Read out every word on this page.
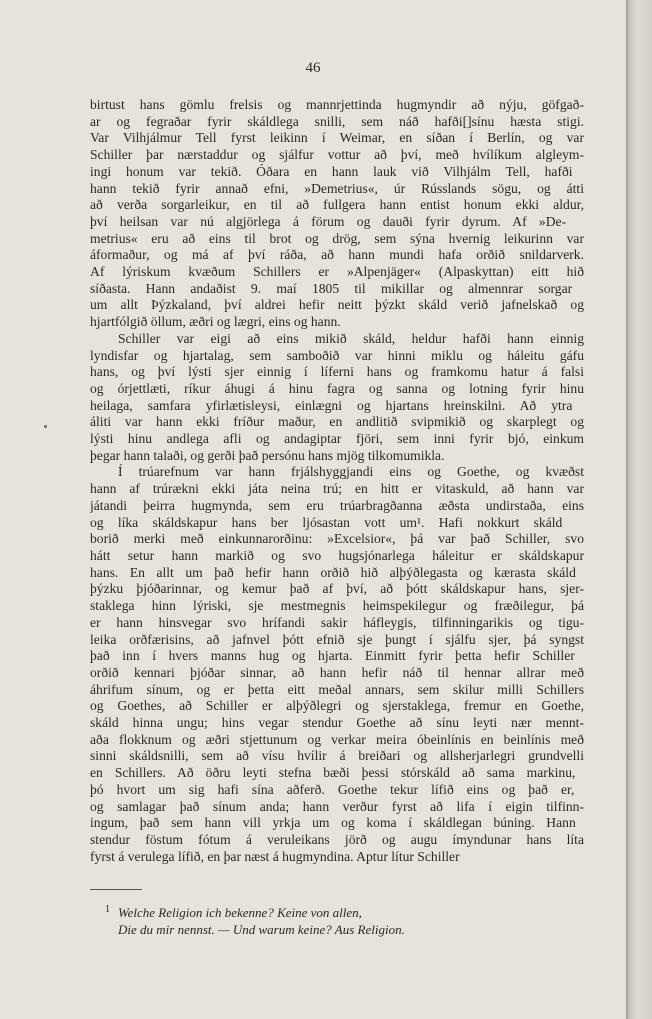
46
birtust hans gömlu frelsis og mannrjettinda hugmyndir að nýju, göfgað-
ar og fegraðar fyrir skáldlega snilli, sem náð hafði[]sínu hæsta stigi.
Var Vilhjálmur Tell fyrst leikinn í Weimar, en síðan í Berlín, og var
Schiller þar nærstaddur og sjálfur vottur að því, með hvílíkum algleym-
ingi honum var tekið. Óðara en hann lauk við Vilhjálm Tell, hafði
hann tekið fyrir annað efni, »Demetrius«, úr Rússlands sögu, og átti
að verða sorgarleikur, en til að fullgera hann entist honum ekki aldur,
því heilsan var nú algjörlega á förum og dauði fyrir dyrum. Af »De-
metrius« eru að eins til brot og drög, sem sýna hvernig leikurinn var
áformaður, og má af því ráða, að hann mundi hafa orðið snildarverk.
Af lýriskum kvæðum Schillers er »Alpenjäger« (Alpaskyttan) eitt hið
síðasta. Hann andaðist 9. maí 1805 til mikillar og almennrar sorgar
um allt Þýzkaland, því aldrei hefir neitt þýzkt skáld verið jafnelskað og
hjartfólgið öllum, æðri og lægri, eins og hann.
Schiller var eigi að eins mikið skáld, heldur hafði hann einnig
lyndisfar og hjartalag, sem samboðið var hinni miklu og háleitu gáfu
hans, og því lýsti sjer einnig í líferni hans og framkomu hatur á falsi
og órjettlæti, ríkur áhugi á hinu fagra og sanna og lotning fyrir hinu
heilaga, samfara yfirlætisleysi, einlægni og hjartans hreinskilni. Að ytra
áliti var hann ekki fríður maður, en andlitið svipmikið og skarplegt og
lýsti hinu andlega afli og andagiptar fjöri, sem inni fyrir bjó, einkum
þegar hann talaði, og gerði það persónu hans mjög tilkomumikla.
Í trúarefnum var hann frjálshyggjandi eins og Goethe, og kvæðst
hann af trúrækni ekki játa neina trú; en hitt er vitaskuld, að hann var
játandi þeirra hugmynda, sem eru trúarbragðanna æðsta undirstaða, eins
og líka skáldskapur hans ber ljósastan vott um¹. Hafi nokkurt skáld
borið merki með einkunnarorðinu: »Excelsior«, þá var það Schiller, svo
hátt setur hann markið og svo hugsjónarlega háleitur er skáldskapur
hans. En allt um það hefir hann orðið hið alþýðlegasta og kærasta skáld
þýzku þjóðarinnar, og kemur það af því, að þótt skáldskapur hans, sjer-
staklega hinn lýriski, sje mestmegnis heimspekilegur og fræðilegur, þá
er hann hinsvegar svo hrífandi sakir háfleygis, tilfinningarikis og tigu-
leika orðfærisins, að jafnvel þótt efnið sje þungt í sjálfu sjer, þá syngst
það inn í hvers manns hug og hjarta. Einmitt fyrir þetta hefir Schiller
orðið kennari þjóðar sinnar, að hann hefir náð til hennar allrar með
áhrifum sínum, og er þetta eitt meðal annars, sem skilur milli Schillers
og Goethes, að Schiller er alþýðlegri og sjerstaklega, fremur en Goethe,
skáld hinna ungu; hins vegar stendur Goethe að sínu leyti nær mennt-
aða flokknum og æðri stjettunum og verkar meira óbeinlínis en beinlínis með
sinni skáldsnilli, sem að vísu hvílir á breiðari og allsherjarlegri grundvelli
en Schillers. Að öðru leyti stefna bæði þessi stórskáld að sama markinu,
þó hvort um sig hafi sína aðferð. Goethe tekur lífið eins og það er,
og samlagar það sínum anda; hann verður fyrst að lifa í eigin tilfinn-
ingum, það sem hann vill yrkja um og koma í skáldlegan búning. Hann
stendur föstum fótum á veruleikans jörð og augu ímyndunar hans líta
fyrst á verulega lífið, en þar næst á hugmyndina. Aptur lítur Schiller
1 Welche Religion ich bekenne? Keine von allen,
Die du mir nennst. — Und warum keine? Aus Religion.
